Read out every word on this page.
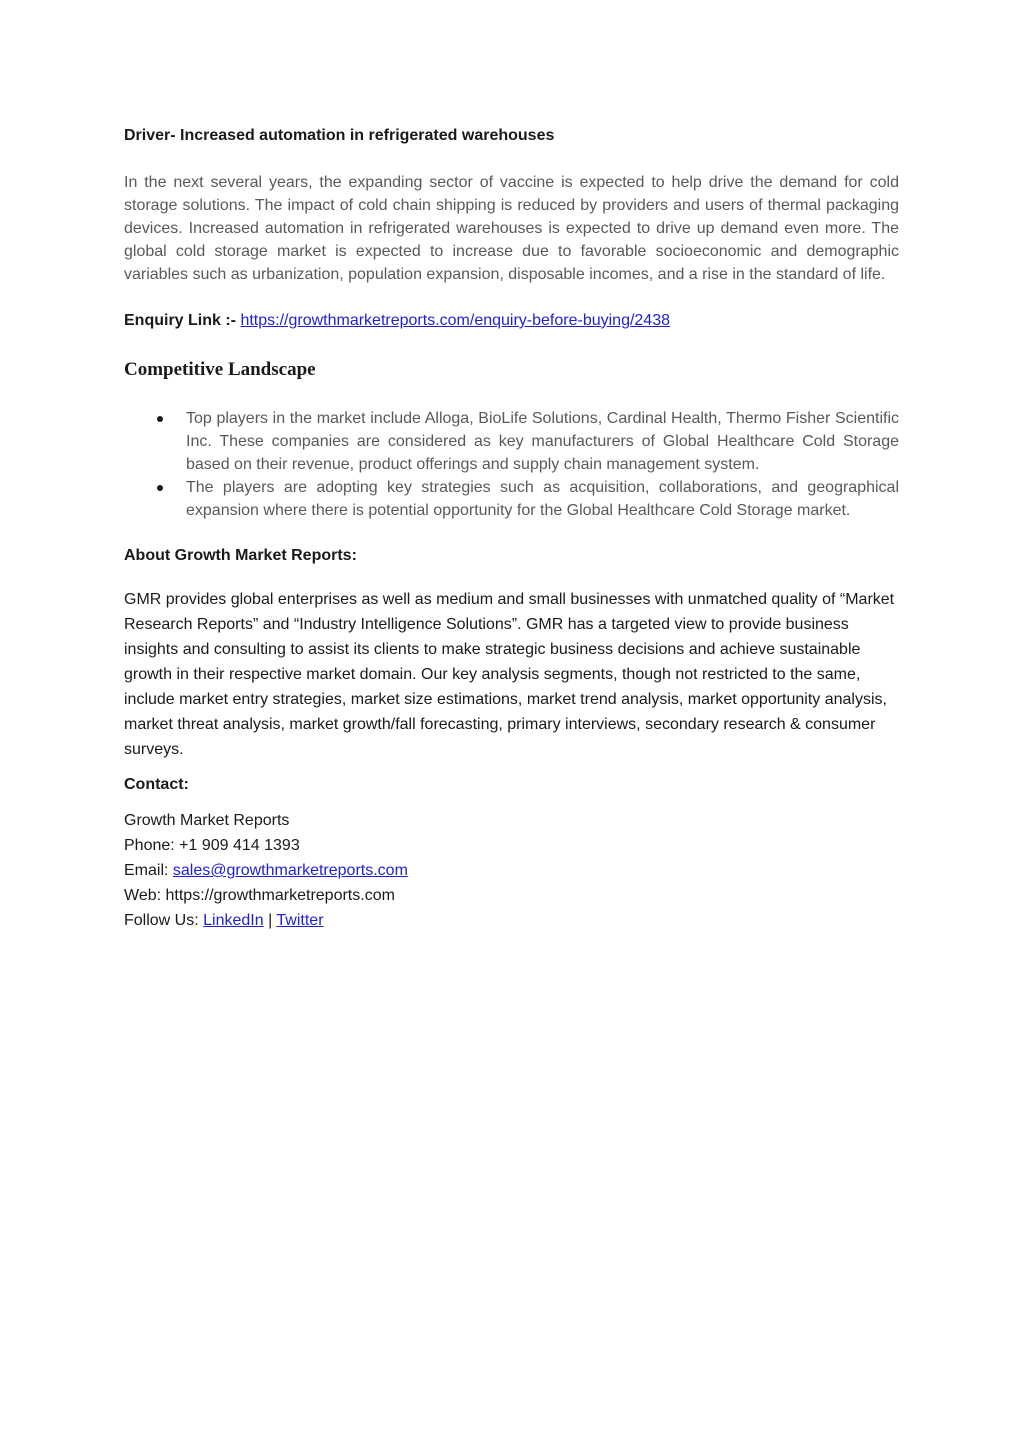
Driver- Increased automation in refrigerated warehouses

In the next several years, the expanding sector of vaccine is expected to help drive the demand for cold storage solutions. The impact of cold chain shipping is reduced by providers and users of thermal packaging devices. Increased automation in refrigerated warehouses is expected to drive up demand even more. The global cold storage market is expected to increase due to favorable socioeconomic and demographic variables such as urbanization, population expansion, disposable incomes, and a rise in the standard of life.

Enquiry Link :- https://growthmarketreports.com/enquiry-before-buying/2438

Competitive Landscape
Top players in the market include Alloga, BioLife Solutions, Cardinal Health, Thermo Fisher Scientific Inc. These companies are considered as key manufacturers of Global Healthcare Cold Storage based on their revenue, product offerings and supply chain management system.
The players are adopting key strategies such as acquisition, collaborations, and geographical expansion where there is potential opportunity for the Global Healthcare Cold Storage market.
About Growth Market Reports:

GMR provides global enterprises as well as medium and small businesses with unmatched quality of “Market Research Reports” and “Industry Intelligence Solutions”. GMR has a targeted view to provide business insights and consulting to assist its clients to make strategic business decisions and achieve sustainable growth in their respective market domain. Our key analysis segments, though not restricted to the same, include market entry strategies, market size estimations, market trend analysis, market opportunity analysis, market threat analysis, market growth/fall forecasting, primary interviews, secondary research & consumer surveys.

Contact:

Growth Market Reports

Phone: +1 909 414 1393

Email: sales@growthmarketreports.com

Web: https://growthmarketreports.com

Follow Us: LinkedIn | Twitter
